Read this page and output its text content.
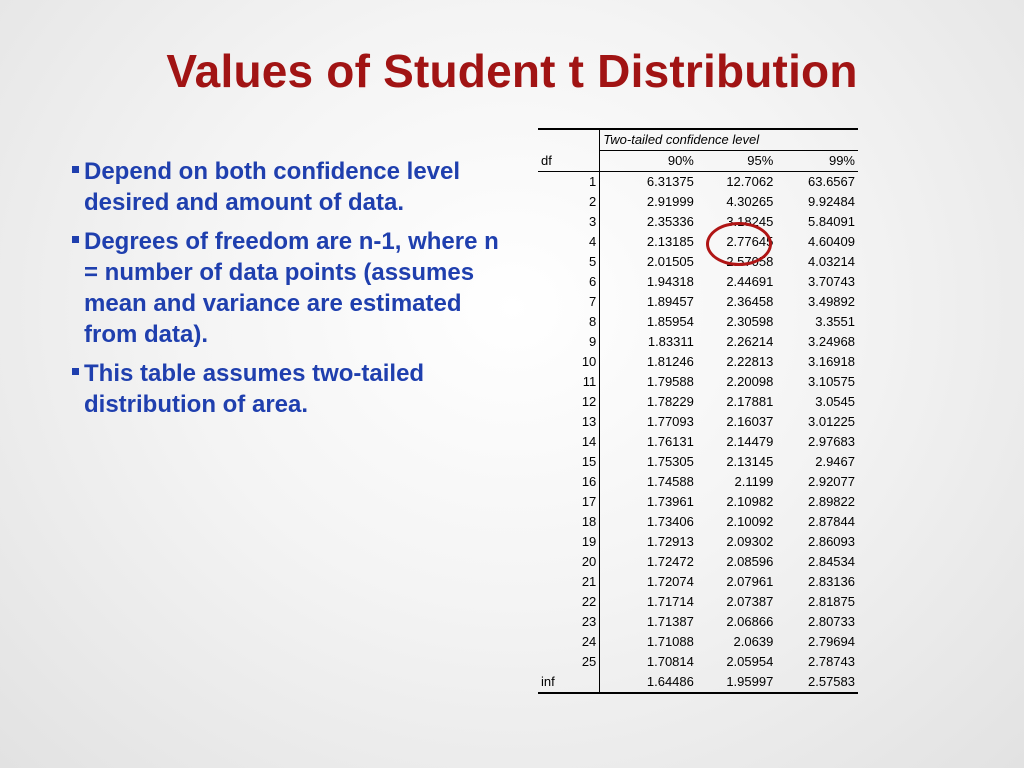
Values of Student t Distribution
Depend on both confidence level desired and amount of data.
Degrees of freedom are n-1, where n = number of data points (assumes mean and variance are estimated from data).
This table assumes two-tailed distribution of area.
	Two-tailed confidence level		
df	90%	95%	99%
1	6.31375	12.7062	63.6567
2	2.91999	4.30265	9.92484
3	2.35336	3.18245	5.84091
4	2.13185	2.77645	4.60409
5	2.01505	2.57058	4.03214
6	1.94318	2.44691	3.70743
7	1.89457	2.36458	3.49892
8	1.85954	2.30598	3.3551
9	1.83311	2.26214	3.24968
10	1.81246	2.22813	3.16918
11	1.79588	2.20098	3.10575
12	1.78229	2.17881	3.0545
13	1.77093	2.16037	3.01225
14	1.76131	2.14479	2.97683
15	1.75305	2.13145	2.9467
16	1.74588	2.1199	2.92077
17	1.73961	2.10982	2.89822
18	1.73406	2.10092	2.87844
19	1.72913	2.09302	2.86093
20	1.72472	2.08596	2.84534
21	1.72074	2.07961	2.83136
22	1.71714	2.07387	2.81875
23	1.71387	2.06866	2.80733
24	1.71088	2.0639	2.79694
25	1.70814	2.05954	2.78743
inf	1.64486	1.95997	2.57583
